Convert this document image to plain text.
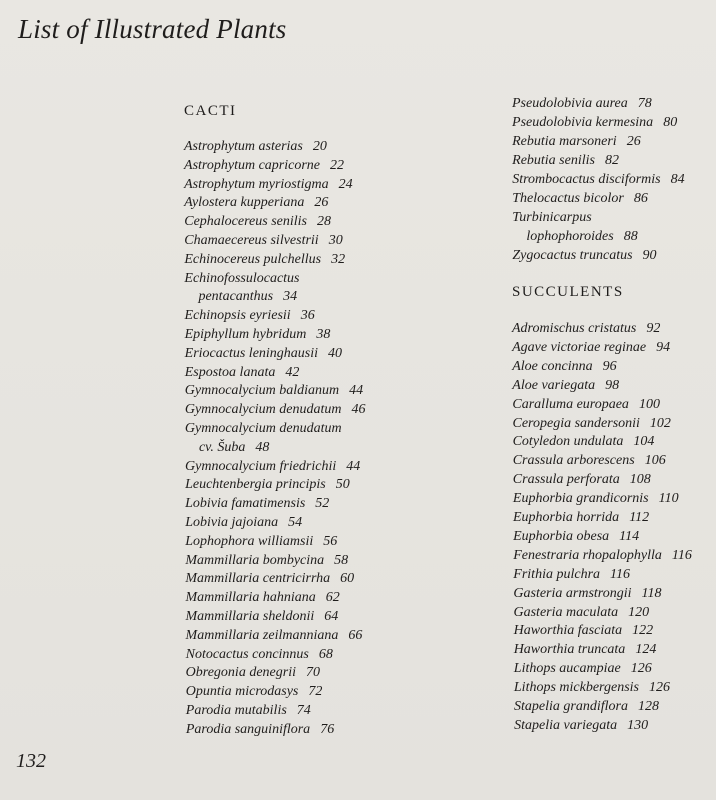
List of Illustrated Plants
CACTI
Astrophytum asterias 20
Astrophytum capricorne 22
Astrophytum myriostigma 24
Aylostera kupperiana 26
Cephalocereus senilis 28
Chamaecereus silvestrii 30
Echinocereus pulchellus 32
Echinofossulocactus
pentacanthus 34
Echinopsis eyriesii 36
Epiphyllum hybridum 38
Eriocactus leninghausii 40
Espostoa lanata 42
Gymnocalycium baldianum 44
Gymnocalycium denudatum 46
Gymnocalycium denudatum
cv. Šuba 48
Gymnocalycium friedrichii 44
Leuchtenbergia principis 50
Lobivia famatimensis 52
Lobivia jajoiana 54
Lophophora williamsii 56
Mammillaria bombycina 58
Mammillaria centricirrha 60
Mammillaria hahniana 62
Mammillaria sheldonii 64
Mammillaria zeilmanniana 66
Notocactus concinnus 68
Obregonia denegrii 70
Opuntia microdasys 72
Parodia mutabilis 74
Parodia sanguiniflora 76
Pseudolobivia aurea 78
Pseudolobivia kermesina 80
Rebutia marsoneri 26
Rebutia senilis 82
Strombocactus disciformis 84
Thelocactus bicolor 86
Turbinicarpus
lophophoroides 88
Zygocactus truncatus 90
SUCCULENTS
Adromischus cristatus 92
Agave victoriae reginae 94
Aloe concinna 96
Aloe variegata 98
Caralluma europaea 100
Ceropegia sandersonii 102
Cotyledon undulata 104
Crassula arborescens 106
Crassula perforata 108
Euphorbia grandicornis 110
Euphorbia horrida 112
Euphorbia obesa 114
Fenestraria rhopalophylla 116
Frithia pulchra 116
Gasteria armstrongii 118
Gasteria maculata 120
Haworthia fasciata 122
Haworthia truncata 124
Lithops aucampiae 126
Lithops mickbergensis 126
Stapelia grandiflora 128
Stapelia variegata 130
132
